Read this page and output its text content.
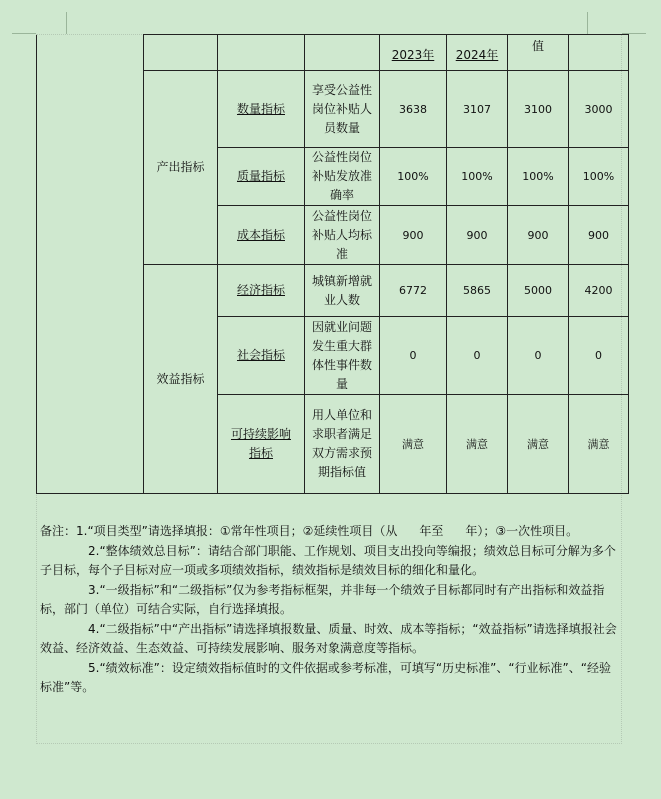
				2023年	2024年	值	
	产出指标	数量指标	享受公益性岗位补贴人员数量	3638	3107	3100	3000
		质量指标	公益性岗位补贴发放准确率	100%	100%	100%	100%
		成本指标	公益性岗位补贴人均标准	900	900	900	900
	效益指标	经济指标	城镇新增就业人数	6772	5865	5000	4200
		社会指标	因就业问题发生重大群体性事件数量	0	0	0	0

		可持续影响指标	用人单位和求职者满足双方需求预期指标值	满意	满意	满意	满意

备注：1.“项目类型”请选择填报：①常年性项目；②延续性项目（从 年至 年）；③一次性项目。

2.“整体绩效总目标”：请结合部门职能、工作规划、项目支出投向等编报；绩效总目标可分解为多个子目标，每个子目标对应一项或多项绩效指标，绩效指标是绩效目标的细化和量化。

3.“一级指标”和“二级指标”仅为参考指标框架，并非每一个绩效子目标都同时有产出指标和效益指标，部门（单位）可结合实际，自行选择填报。

4.“二级指标”中“产出指标”请选择填报数量、质量、时效、成本等指标；“效益指标”请选择填报社会效益、经济效益、生态效益、可持续发展影响、服务对象满意度等指标。

5.“绩效标准”：设定绩效指标值时的文件依据或参考标准，可填写“历史标准”、“行业标准”、“经验标准”等。
